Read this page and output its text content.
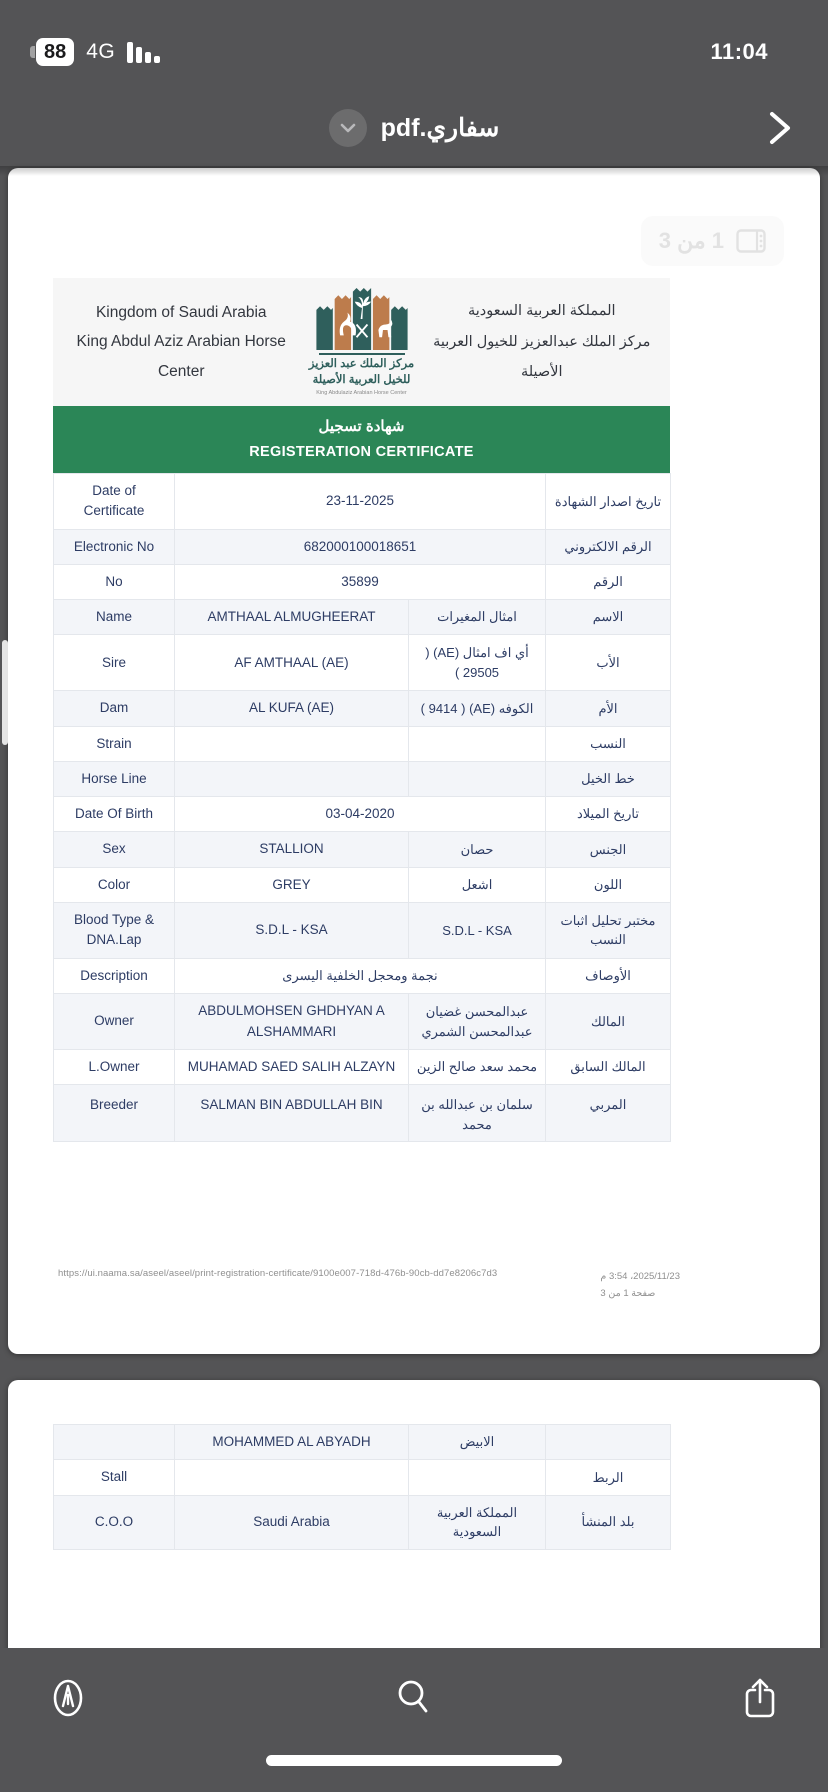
88 4G	11:04
سفاري.pdf
1 من 3
Kingdom of Saudi Arabia
King Abdul Aziz Arabian Horse Center	مركز الملك عبد العزيز
للخيل العربية الأصيلة
King Abdulaziz Arabian Horse Center
المملكة العربية السعودية
مركز الملك عبدالعزيز للخيول العربية الأصيلة
شهادة تسجيل
REGISTERATION CERTIFICATE
Date of Certificate	23-11-2025		تاريخ اصدار الشهادة
Electronic No	682000100018651		الرقم الالكتروني
No	35899		الرقم
Name	AMTHAAL ALMUGHEERAT	امثال المغيرات	الاسم
Sire	AF AMTHAAL (AE)	أي اف امثال (AE) ( 29505 )	الأب
Dam	AL KUFA (AE)	الكوفه (AE) ( 9414 )	الأم
Strain			النسب
Horse Line			خط الخيل
Date Of Birth	03-04-2020		تاريخ الميلاد
Sex	STALLION	حصان	الجنس
Color	GREY	اشعل	اللون
Blood Type & DNA.Lap	S.D.L - KSA	S.D.L - KSA	مختبر تحليل اثبات النسب
Description	نجمة ومحجل الخلفية اليسرى		الأوصاف
Owner	ABDULMOHSEN GHDHYAN A ALSHAMMARI	عبدالمحسن غضيان عبدالمحسن الشمري	المالك
L.Owner	MUHAMAD SAED SALIH ALZAYN	محمد سعد صالح الزين	المالك السابق
Breeder	SALMAN BIN ABDULLAH BIN	سلمان بن عبدالله بن محمد	المربي
https://ui.naama.sa/aseel/aseel/print-registration-certificate/9100e007-718d-476b-90cb-dd7e8206c7d3	2025/11/23، 3:54 م
صفحة 1 من 3
	MOHAMMED AL ABYADH	الابيض	
Stall			الربط
C.O.O	Saudi Arabia	المملكة العربية السعودية	بلد المنشأ
